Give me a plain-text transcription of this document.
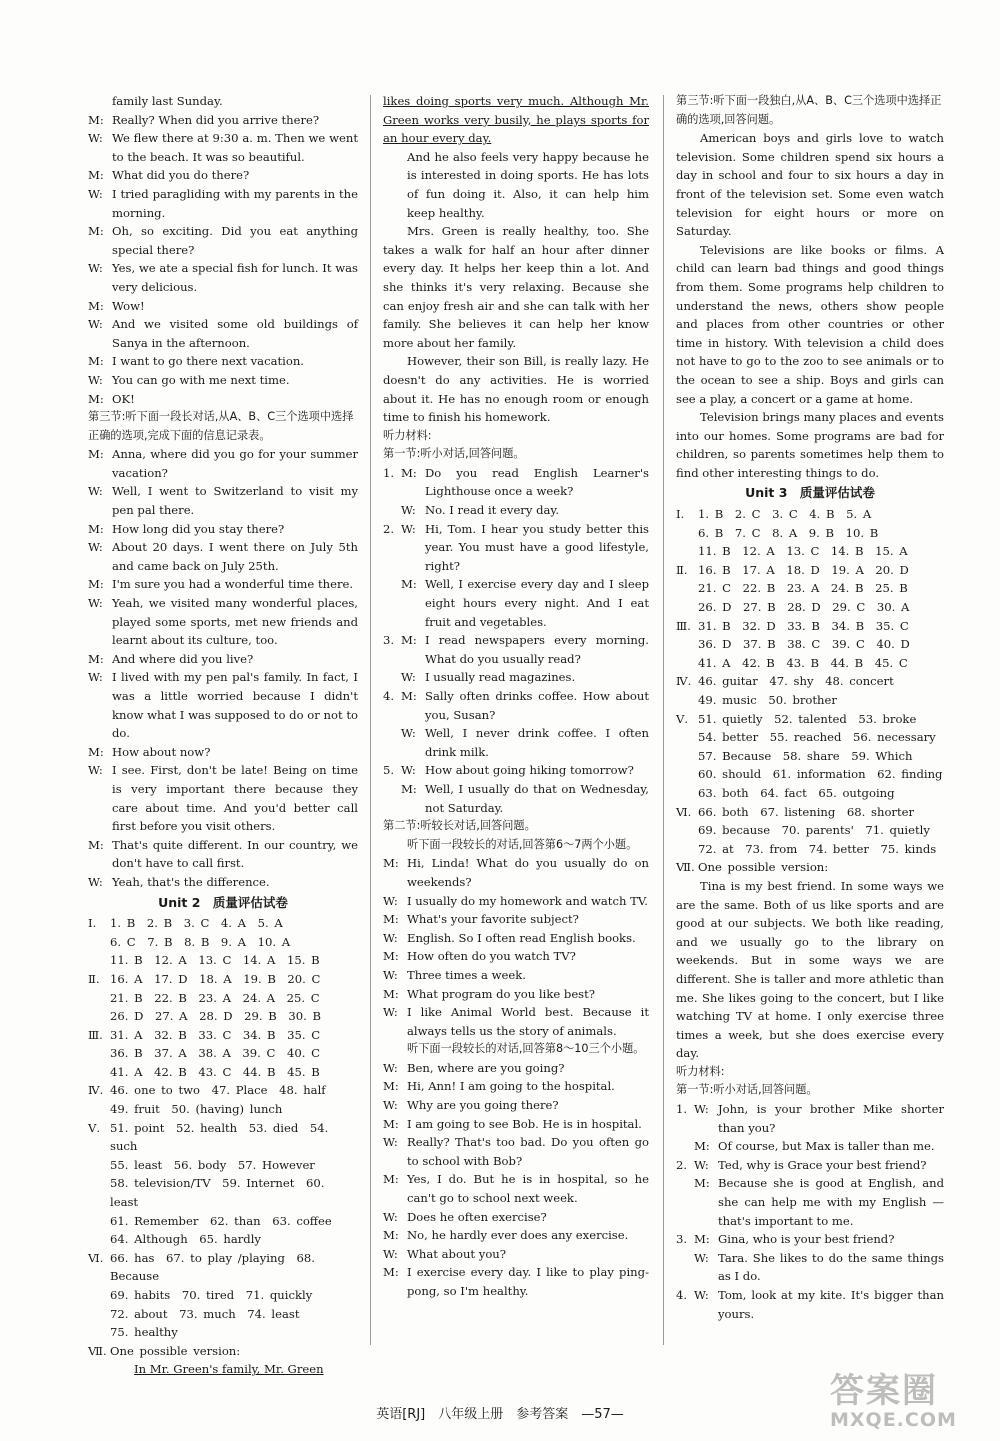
family last Sunday.
M: Really? When did you arrive there?
W: We flew there at 9:30 a. m. Then we went to the beach. It was so beautiful.
M: What did you do there?
W: I tried paragliding with my parents in the morning.
M: Oh, so exciting. Did you eat anything special there?
W: Yes, we ate a special fish for lunch. It was very delicious.
M: Wow!
W: And we visited some old buildings of Sanya in the afternoon.
M: I want to go there next vacation.
W: You can go with me next time.
M: OK!
第三节:听下面一段长对话,从A、B、C三个选项中选择正确的选项,完成下面的信息记录表。
M: Anna, where did you go for your summer vacation?
W: Well, I went to Switzerland to visit my pen pal there.
M: How long did you stay there?
W: About 20 days. I went there on July 5th and came back on July 25th.
M: I'm sure you had a wonderful time there.
W: Yeah, we visited many wonderful places, played some sports, met new friends and learnt about its culture, too.
M: And where did you live?
W: I lived with my pen pal's family. In fact, I was a little worried because I didn't know what I was supposed to do or not to do.
M: How about now?
W: I see. First, don't be late! Being on time is very important there because they care about time. And you'd better call first before you visit others.
M: That's quite different. In our country, we don't have to call first.
W: Yeah, that's the difference.
Unit 2　质量评估试卷
Ⅰ.	1. B　2. B　3. C　4. A　5. A
6. C　7. B　8. B　9. A　10. A
11. B　12. A　13. C　14. A　15. B
Ⅱ. 16. A　17. D　18. A　19. B　20. C
21. B　22. B　23. A　24. A　25. C
26. D　27. A　28. D　29. B　30. B
Ⅲ. 31. A　32. B　33. C　34. B　35. C
36. B　37. A　38. A　39. C　40. C
41. A　42. B　43. C　44. B　45. B
Ⅳ. 46. one to two　47. Place　48. half
49. fruit　50. (having) lunch
Ⅴ. 51. point　52. health　53. died　54. such
55. least　56. body　57. However
58. television/TV　59. Internet　60. least
61. Remember　62. than　63. coffee
64. Although　65. hardly
Ⅵ. 66. has　67. to play /playing　68. Because
69. habits　70. tired　71. quickly
72. about　73. much　74. least
75. healthy
Ⅶ. One possible version:
In Mr. Green's family, Mr. Green
likes doing sports very much. Although Mr. Green works very busily, he plays sports for an hour every day.
And he also feels very happy because he is interested in doing sports. He has lots of fun doing it. Also, it can help him keep healthy.
Mrs. Green is really healthy, too. She takes a walk for half an hour after dinner every day. It helps her keep thin a lot. And she thinks it's very relaxing. Because she can enjoy fresh air and she can talk with her family. She believes it can help her know more about her family.
However, their son Bill, is really lazy. He doesn't do any activities. He is worried about it. He has no enough room or enough time to finish his homework.
听力材料:
第一节:听小对话,回答问题。
1. M: Do you read English Learner's Lighthouse once a week?
W: No. I read it every day.
2. W: Hi, Tom. I hear you study better this year. You must have a good lifestyle, right?
M: Well, I exercise every day and I sleep eight hours every night. And I eat fruit and vegetables.
3. M: I read newspapers every morning. What do you usually read?
W: I usually read magazines.
4. M: Sally often drinks coffee. How about you, Susan?
W: Well, I never drink coffee. I often drink milk.
5. W: How about going hiking tomorrow?
M: Well, I usually do that on Wednesday, not Saturday.
第二节:听较长对话,回答问题。
听下面一段较长的对话,回答第6～7两个小题。
M: Hi, Linda! What do you usually do on weekends?
W: I usually do my homework and watch TV.
M: What's your favorite subject?
W: English. So I often read English books.
M: How often do you watch TV?
W: Three times a week.
M: What program do you like best?
W: I like Animal World best. Because it always tells us the story of animals.
听下面一段较长的对话,回答第8～10三个小题。
W: Ben, where are you going?
M: Hi, Ann! I am going to the hospital.
W: Why are you going there?
M: I am going to see Bob. He is in hospital.
W: Really? That's too bad. Do you often go to school with Bob?
M: Yes, I do. But he is in hospital, so he can't go to school next week.
W: Does he often exercise?
M: No, he hardly ever does any exercise.
W: What about you?
M: I exercise every day. I like to play ping-pong, so I'm healthy.
第三节:听下面一段独白,从A、B、C三个选项中选择正确的选项,回答问题。
American boys and girls love to watch television. Some children spend six hours a day in school and four to six hours a day in front of the television set. Some even watch television for eight hours or more on Saturday.
Televisions are like books or films. A child can learn bad things and good things from them. Some programs help children to understand the news, others show people and places from other countries or other time in history. With television a child does not have to go to the zoo to see animals or to the ocean to see a ship. Boys and girls can see a play, a concert or a game at home.
Television brings many places and events into our homes. Some programs are bad for children, so parents sometimes help them to find other interesting things to do.
Unit 3　质量评估试卷
Ⅰ.	1. B　2. C　3. C　4. B　5. A
6. B　7. C　8. A　9. B　10. B
11. B　12. A　13. C　14. B　15. A
Ⅱ. 16. B　17. A　18. D　19. A　20. D
21. C　22. B　23. A　24. B　25. B
26. D　27. B　28. D　29. C　30. A
Ⅲ. 31. B　32. D　33. B　34. B　35. C
36. D　37. B　38. C　39. C　40. D
41. A　42. B　43. B　44. B　45. C
Ⅳ. 46. guitar　47. shy　48. concert
49. music　50. brother
Ⅴ. 51. quietly　52. talented　53. broke
54. better　55. reached　56. necessary
57. Because　58. share　59. Which
60. should　61. information　62. finding
63. both　64. fact　65. outgoing
Ⅵ. 66. both　67. listening　68. shorter
69. because　70. parents'　71. quietly
72. at　73. from　74. better　75. kinds
Ⅶ. One possible version:
Tina is my best friend. In some ways we are the same. Both of us like sports and are good at our subjects. We both like reading, and we usually go to the library on weekends. But in some ways we are different. She is taller and more athletic than me. She likes going to the concert, but I like watching TV at home. I only exercise three times a week, but she does exercise every day.
听力材料:
第一节:听小对话,回答问题。
1. W: John, is your brother Mike shorter than you?
M: Of course, but Max is taller than me.
2. W: Ted, why is Grace your best friend?
M: Because she is good at English, and she can help me with my English — that's important to me.
3. M: Gina, who is your best friend?
W: Tara. She likes to do the same things as I do.
4. W: Tom, look at my kite. It's bigger than yours.
英语[RJ]　八年级上册　参考答案　—57—
答案圈
MXQE.COM
